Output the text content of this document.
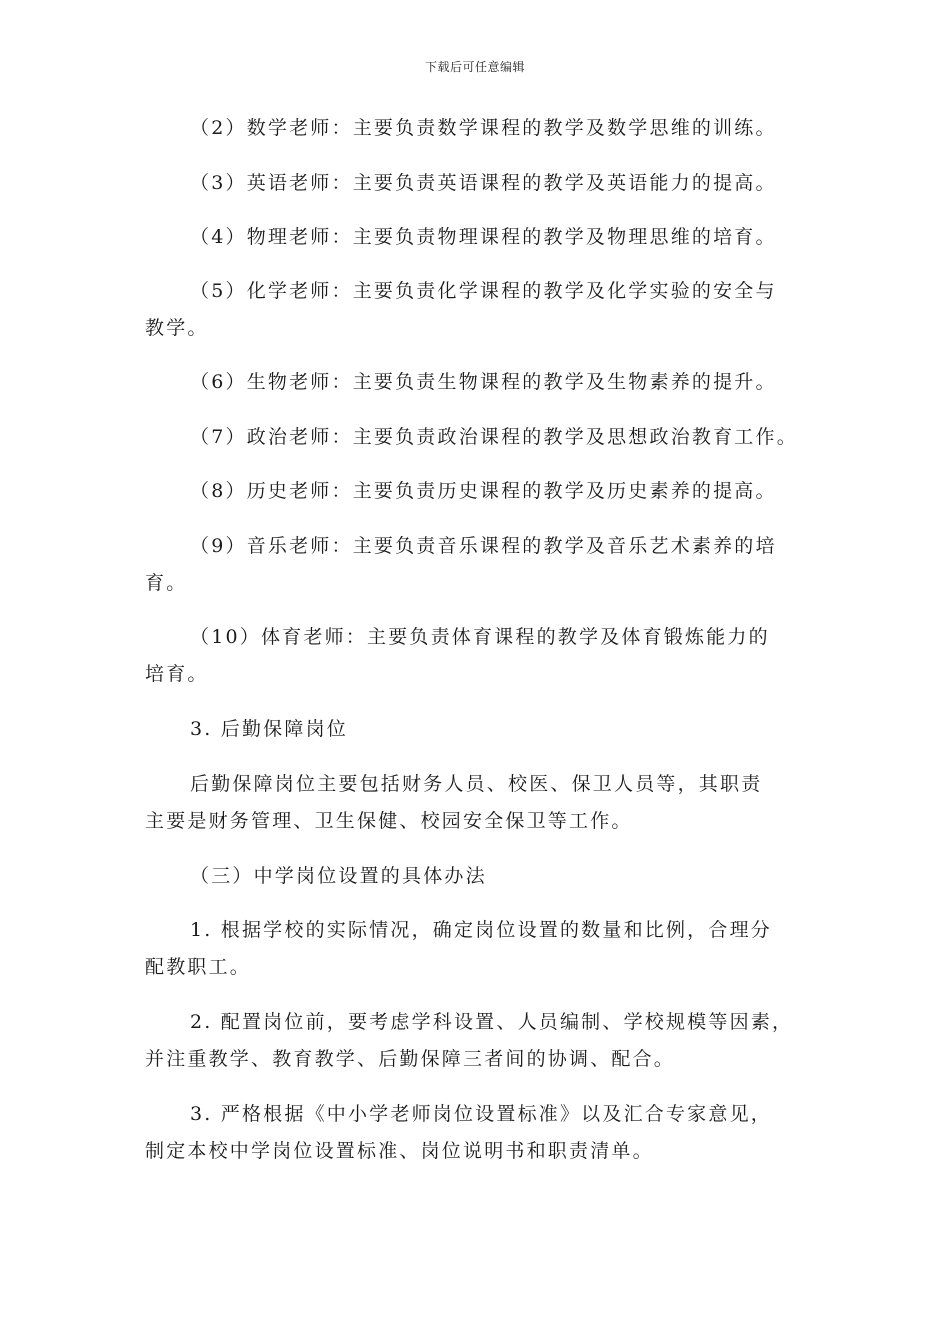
下载后可任意编辑

（2）数学老师：主要负责数学课程的教学及数学思维的训练。

（3）英语老师：主要负责英语课程的教学及英语能力的提高。

（4）物理老师：主要负责物理课程的教学及物理思维的培育。

（5）化学老师：主要负责化学课程的教学及化学实验的安全与
教学。

（6）生物老师：主要负责生物课程的教学及生物素养的提升。

（7）政治老师：主要负责政治课程的教学及思想政治教育工作。

（8）历史老师：主要负责历史课程的教学及历史素养的提高。

（9）音乐老师：主要负责音乐课程的教学及音乐艺术素养的培
育。

（10）体育老师：主要负责体育课程的教学及体育锻炼能力的
培育。

3. 后勤保障岗位

后勤保障岗位主要包括财务人员、校医、保卫人员等，其职责
主要是财务管理、卫生保健、校园安全保卫等工作。

（三）中学岗位设置的具体办法

1. 根据学校的实际情况，确定岗位设置的数量和比例，合理分
配教职工。

2. 配置岗位前，要考虑学科设置、人员编制、学校规模等因素，
并注重教学、教育教学、后勤保障三者间的协调、配合。

3. 严格根据《中小学老师岗位设置标准》以及汇合专家意见，
制定本校中学岗位设置标准、岗位说明书和职责清单。
